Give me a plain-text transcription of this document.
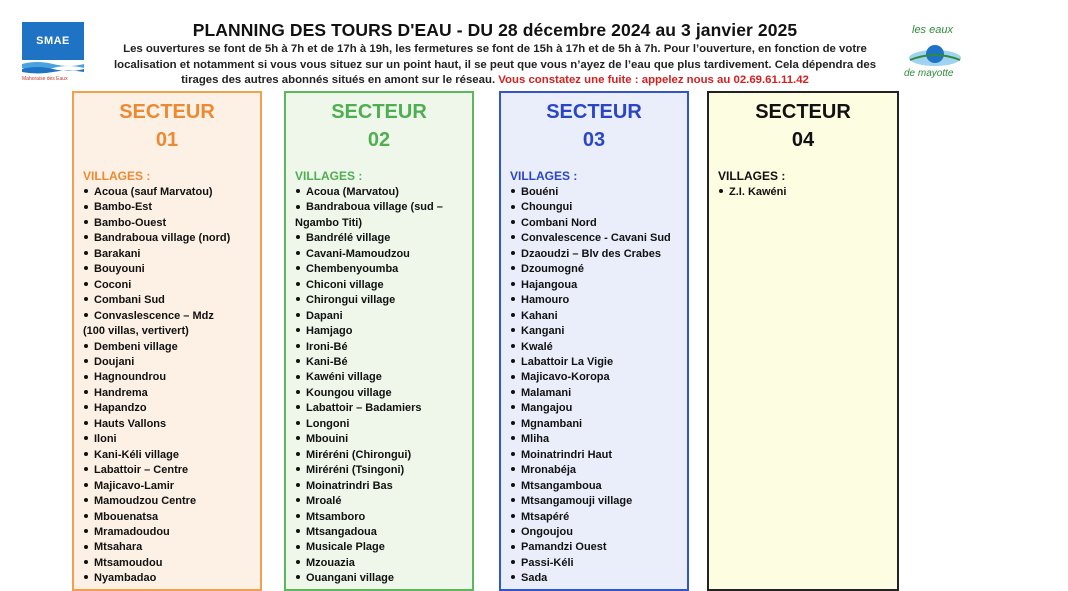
SMAE
Mahoraise des Eaux
PLANNING DES TOURS D'EAU - DU 28 décembre 2024 au 3 janvier 2025
Les ouvertures se font de 5h à 7h et de 17h à 19h, les fermetures se font de 15h à 17h et de 5h à 7h. Pour l’ouverture, en fonction de votre localisation et notamment si vous vous situez sur un point haut, il se peut que vous n’ayez de l’eau que plus tardivement. Cela dépendra des tirages des autres abonnés situés en amont sur le réseau. Vous constatez une fuite : appelez nous au 02.69.61.11.42
les eaux
de mayotte
SECTEUR
01
VILLAGES :
Acoua (sauf Marvatou)
Bambo-Est
Bambo-Ouest
Bandraboua village (nord)
Barakani
Bouyouni
Coconi
Combani Sud
Convaslescence – Mdz
(100 villas, vertivert)
Dembeni village
Doujani
Hagnoundrou
Handrema
Hapandzo
Hauts Vallons
Iloni
Kani-Kéli village
Labattoir – Centre
Majicavo-Lamir
Mamoudzou Centre
Mbouenatsa
Mramadoudou
Mtsahara
Mtsamoudou
Nyambadao
SECTEUR
02
VILLAGES :
Acoua (Marvatou)
Bandraboua village (sud –
Ngambo Titi)
Bandrélé village
Cavani-Mamoudzou
Chembenyoumba
Chiconi village
Chirongui village
Dapani
Hamjago
Ironi-Bé
Kani-Bé
Kawéni village
Koungou village
Labattoir – Badamiers
Longoni
Mbouini
Miréréni (Chirongui)
Miréréni (Tsingoni)
Moinatrindri Bas
Mroalé
Mtsamboro
Mtsangadoua
Musicale Plage
Mzouazia
Ouangani village
SECTEUR
03
VILLAGES :
Bouéni
Choungui
Combani Nord
Convalescence - Cavani Sud
Dzaoudzi – Blv des Crabes
Dzoumogné
Hajangoua
Hamouro
Kahani
Kangani
Kwalé
Labattoir La Vigie
Majicavo-Koropa
Malamani
Mangajou
Mgnambani
Mliha
Moinatrindri Haut
Mronabéja
Mtsangamboua
Mtsangamouji village
Mtsapéré
Ongoujou
Pamandzi Ouest
Passi-Kéli
Sada
SECTEUR
04
VILLAGES :
Z.I. Kawéni
